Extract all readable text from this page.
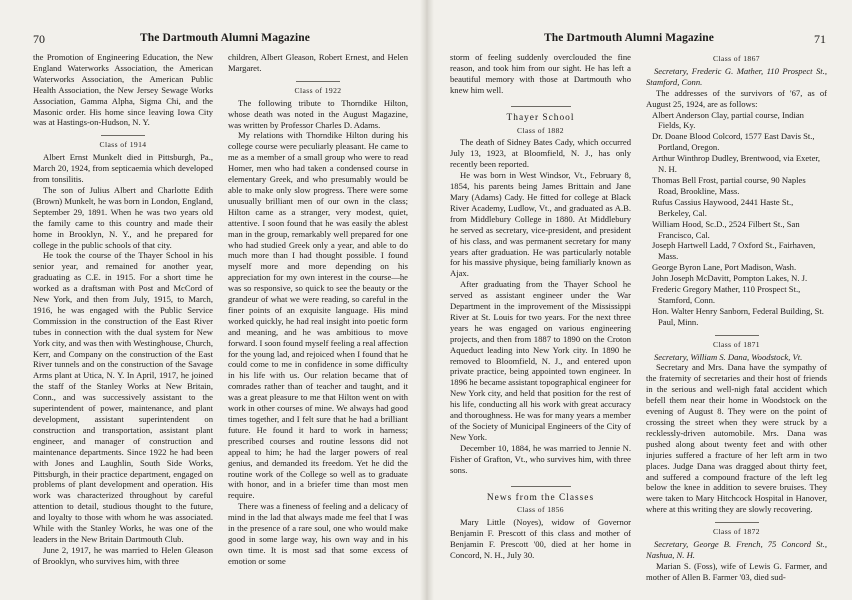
70	The Dartmouth Alumni Magazine

the Promotion of Engineering Education, the New England Waterworks Association, the American Waterworks Association, the American Public Health Association, the New Jersey Sewage Works Association, Gamma Alpha, Sigma Chi, and the Masonic order. His home since leaving Iowa City was at Hastings-on-Hudson, N. Y.

Class of 1914

Albert Ernst Munkelt died in Pittsburgh, Pa., March 20, 1924, from septicaemia which developed from tonsilitis.

The son of Julius Albert and Charlotte Edith (Brown) Munkelt, he was born in London, England, September 29, 1891. When he was two years old the family came to this country and made their home in Brooklyn, N. Y., and he prepared for college in the public schools of that city.

He took the course of the Thayer School in his senior year, and remained for another year, graduating as C.E. in 1915. For a short time he worked as a draftsman with Post and McCord of New York, and then from July, 1915, to March, 1916, he was engaged with the Public Service Commission in the construction of the East River tubes in connection with the dual system for New York city, and was then with Westinghouse, Church, Kerr, and Company on the construction of the East River tunnels and on the construction of the Savage Arms plant at Utica, N. Y. In April, 1917, he joined the staff of the Stanley Works at New Britain, Conn., and was successively assistant to the superintendent of power, maintenance, and plant development, assistant superintendent on construction and transportation, assistant plant engineer, and manager of construction and maintenance departments. Since 1922 he had been with Jones and Laughlin, South Side Works, Pittsburgh, in their practice department, engaged on problems of plant development and operation. His work was characterized throughout by careful attention to detail, studious thought to the future, and loyalty to those with whom he was associated. While with the Stanley Works, he was one of the leaders in the New Britain Dartmouth Club.

June 2, 1917, he was married to Helen Gleason of Brooklyn, who survives him, with three

children, Albert Gleason, Robert Ernest, and Helen Margaret.

Class of 1922

The following tribute to Thorndike Hilton, whose death was noted in the August Magazine, was written by Professor Charles D. Adams.

My relations with Thorndike Hilton during his college course were peculiarly pleasant. He came to me as a member of a small group who were to read Homer, men who had taken a condensed course in elementary Greek, and who presumably would be able to make only slow progress. There were some unusually brilliant men of our own in the class; Hilton came as a stranger, very modest, quiet, attentive. I soon found that he was easily the ablest man in the group, remarkably well prepared for one who had studied Greek only a year, and able to do much more than I had thought possible. I found myself more and more depending on his appreciation for my own interest in the course—he was so responsive, so quick to see the beauty or the grandeur of what we were reading, so careful in the finer points of an exquisite language. His mind worked quickly, he had real insight into poetic form and meaning, and he was ambitious to move forward. I soon found myself feeling a real affection for the young lad, and rejoiced when I found that he could come to me in confidence in some difficulty in his life with us. Our relation became that of comrades rather than of teacher and taught, and it was a great pleasure to me that Hilton went on with work in other courses of mine. We always had good times together, and I felt sure that he had a brilliant future. He found it hard to work in harness; prescribed courses and routine lessons did not appeal to him; he had the larger powers of real genius, and demanded its freedom. Yet he did the routine work of the College so well as to graduate with honor, and in a briefer time than most men require.

There was a fineness of feeling and a delicacy of mind in the lad that always made me feel that I was in the presence of a rare soul, one who would make good in some large way, his own way and in his own time. It is most sad that some excess of emotion or some

The Dartmouth Alumni Magazine	71

storm of feeling suddenly overclouded the fine reason, and took him from our sight. He has left a beautiful memory with those at Dartmouth who knew him well.

Thayer School
Class of 1882

The death of Sidney Bates Cady, which occurred July 13, 1923, at Bloomfield, N. J., has only recently been reported.

He was born in West Windsor, Vt., February 8, 1854, his parents being James Brittain and Jane Mary (Adams) Cady. He fitted for college at Black River Academy, Ludlow, Vt., and graduated as A.B. from Middlebury College in 1880. At Middlebury he served as secretary, vice-president, and president of his class, and was permanent secretary for many years after graduation. He was particularly notable for his massive physique, being familiarly known as Ajax.

After graduating from the Thayer School he served as assistant engineer under the War Department in the improvement of the Mississippi River at St. Louis for two years. For the next three years he was engaged on various engineering projects, and then from 1887 to 1890 on the Croton Aqueduct leading into New York city. In 1890 he removed to Bloomfield, N. J., and entered upon private practice, being appointed town engineer. In 1896 he became assistant topographical engineer for New York city, and held that position for the rest of his life, conducting all his work with great accuracy and thoroughness. He was for many years a member of the Society of Municipal Engineers of the City of New York.

December 10, 1884, he was married to Jennie N. Fisher of Grafton, Vt., who survives him, with three sons.

News from the Classes
Class of 1856

Mary Little (Noyes), widow of Governor Benjamin F. Prescott of this class and mother of Benjamin F. Prescott '00, died at her home in Concord, N. H., July 30.

Class of 1867

Secretary, Frederic G. Mather, 110 Prospect St., Stamford, Conn.

The addresses of the survivors of '67, as of August 25, 1924, are as follows:

Albert Anderson Clay, partial course, Indian Fields, Ky.
Dr. Doane Blood Colcord, 1577 East Davis St., Portland, Oregon.
Arthur Winthrop Dudley, Brentwood, via Exeter, N. H.
Thomas Bell Frost, partial course, 90 Naples Road, Brookline, Mass.
Rufus Cassius Haywood, 2441 Haste St., Berkeley, Cal.
William Hood, Sc.D., 2524 Filbert St., San Francisco, Cal.
Joseph Hartwell Ladd, 7 Oxford St., Fairhaven, Mass.
George Byron Lane, Port Madison, Wash.
John Joseph McDavitt, Pompton Lakes, N. J.
Frederic Gregory Mather, 110 Prospect St., Stamford, Conn.
Hon. Walter Henry Sanborn, Federal Building, St. Paul, Minn.
Class of 1871

Secretary, William S. Dana, Woodstock, Vt.

Secretary and Mrs. Dana have the sympathy of the fraternity of secretaries and their host of friends in the serious and well-nigh fatal accident which befell them near their home in Woodstock on the evening of August 8. They were on the point of crossing the street when they were struck by a recklessly-driven automobile. Mrs. Dana was pushed along about twenty feet and with other injuries suffered a fracture of her left arm in two places. Judge Dana was dragged about thirty feet, and suffered a compound fracture of the left leg below the knee in addition to severe bruises. They were taken to Mary Hitchcock Hospital in Hanover, where at this writing they are slowly recovering.

Class of 1872

Secretary, George B. French, 75 Concord St., Nashua, N. H.

Marian S. (Foss), wife of Lewis G. Farmer, and mother of Allen B. Farmer '03, died sud-
